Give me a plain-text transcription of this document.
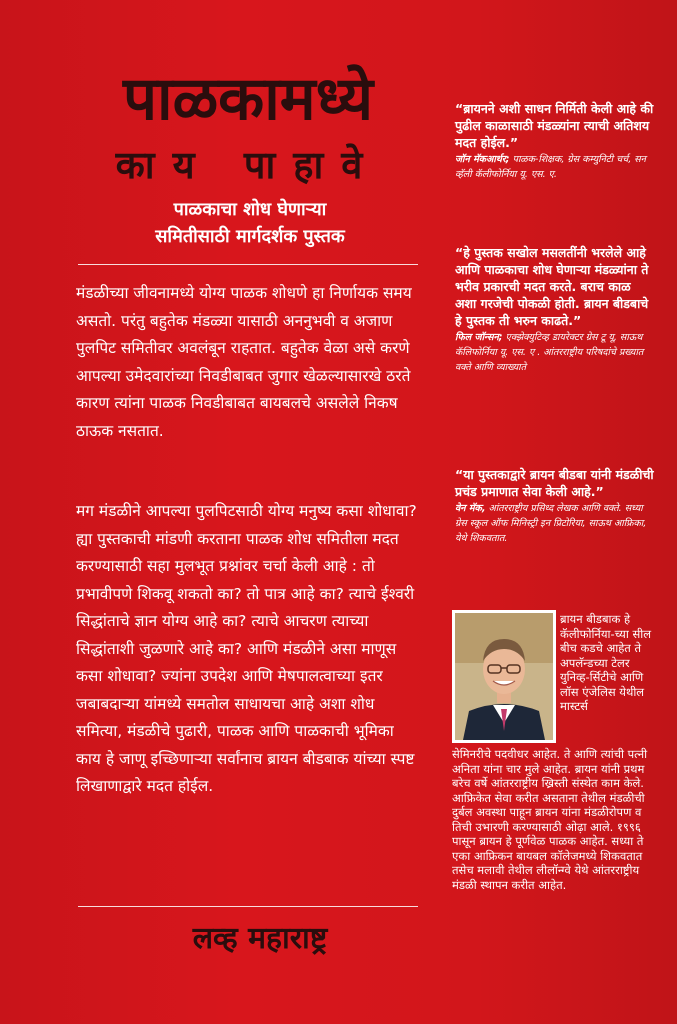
पाळकामध्ये
काय पाहावे
पाळकाचा शोध घेणाऱ्या
समितीसाठी मार्गदर्शक पुस्तक
मंडळीच्या जीवनामध्ये योग्य पाळक शोधणे हा निर्णायक समय असतो. परंतु बहुतेक मंडळ्या यासाठी अननुभवी व अजाण पुलपिट समितीवर अवलंबून राहतात. बहुतेक वेळा असे करणे आपल्या उमेदवारांच्या निवडीबाबत जुगार खेळल्यासारखे ठरते कारण त्यांना पाळक निवडीबाबत बायबलचे असलेले निकष ठाऊक नसतात.
मग मंडळीने आपल्या पुलपिटसाठी योग्य मनुष्य कसा शोधावा? ह्या पुस्तकाची मांडणी करताना पाळक शोध समितीला मदत करण्यासाठी सहा मुलभूत प्रश्नांवर चर्चा केली आहे : तो प्रभावीपणे शिकवू शकतो का? तो पात्र आहे का? त्याचे ईश्वरी सिद्धांताचे ज्ञान योग्य आहे का? त्याचे आचरण त्याच्या सिद्धांताशी जुळणारे आहे का? आणि मंडळीने असा माणूस कसा शोधावा? ज्यांना उपदेश आणि मेषपालत्वाच्या इतर जबाबदाऱ्या यांमध्ये समतोल साधायचा आहे अशा शोध समित्या, मंडळीचे पुढारी, पाळक आणि पाळकाची भूमिका काय हे जाणू इच्छिणाऱ्या सर्वांनाच ब्रायन बीडबाक यांच्या स्पष्ट लिखाणाद्वारे मदत होईल.
लव्ह महाराष्ट्र
“ब्रायनने अशी साधन निर्मिती केली आहे की पुढील काळासाठी मंडळ्यांना त्याची अतिशय मदत होईल.”
जॉन मॅकआर्थर; पाळक-शिक्षक, ग्रेस कम्युनिटी चर्च, सन व्हॅली कॅलीफोर्निया यू. एस. ए.
“हे पुस्तक सखोल मसलतींनी भरलेले आहे आणि पाळकाचा शोध घेणाऱ्या मंडळ्यांना ते भरीव प्रकारची मदत करते. बराच काळ अशा गरजेची पोकळी होती. ब्रायन बीडबाचे हे पुस्तक ती भरुन काढते.”
फिल जॉन्सन; एक्झेक्युटिव्ह डायरेक्टर ग्रेस टू यू, साऊथ कॅलिफोर्निया यू. एस. ए . आंतरराष्ट्रीय परिषदांचे प्रख्यात वक्ते आणि व्याख्याते
“या पुस्तकाद्वारे ब्रायन बीडबा यांनी मंडळीची प्रचंड प्रमाणात सेवा केली आहे.”
वेन मॅक, आंतरराष्ट्रीय प्रसिध्द लेखक आणि वक्ते. सध्या ग्रेस स्कूल ऑफ मिनिस्ट्री इन प्रिटोरिया, साऊथ आफ्रिका, येथे शिकवतात.
ब्रायन बीडबाक हे कॅलीफोर्निया-च्या सील बीच कडचे आहेत ते अपलॅन्डच्या टेलर युनिव्ह-र्सिटीचे आणि लॉस एंजेलिस येथील मास्टर्स
सेमिनरीचे पदवीधर आहेत. ते आणि त्यांची पत्नी अनिता यांना चार मुले आहेत. ब्रायन यांनी प्रथम बरेच वर्षे आंतरराष्ट्रीय ख्रिस्ती संस्थेत काम केले. आफ्रिकेत सेवा करीत असताना तेथील मंडळीची दुर्बल अवस्था पाहून ब्रायन यांना मंडळीरोपण व तिची उभारणी करण्यासाठी ओढ़ा आले. १९९६ पासून ब्रायन हे पूर्णवेळ पाळक आहेत. सध्या ते एका आफ्रिकन बायबल कॉलेजमध्ये शिकवतात तसेच मलावी तेथील लीलॉन्ग्वे येथे आंतरराष्ट्रीय मंडळी स्थापन करीत आहेत.
